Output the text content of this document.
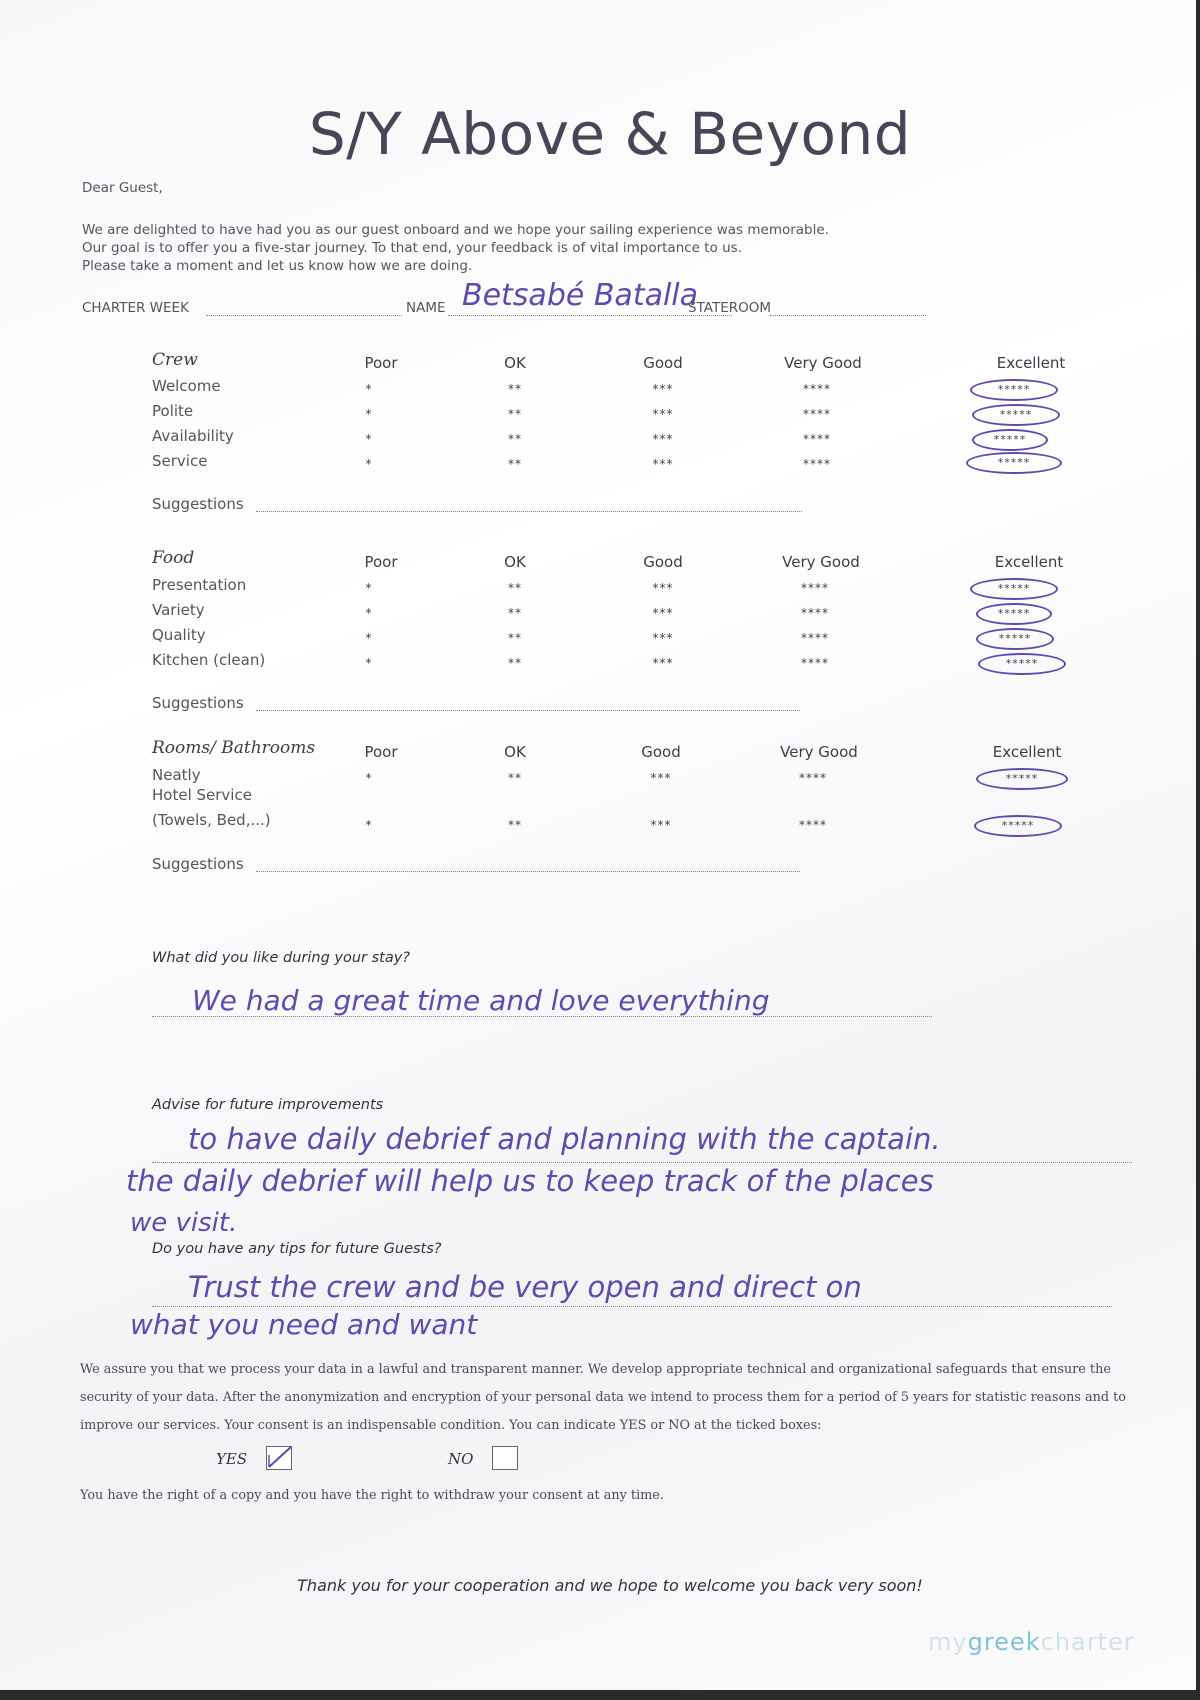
S/Y Above & Beyond
Dear Guest,
We are delighted to have had you as our guest onboard and we hope your sailing experience was memorable.
Our goal is to offer you a five-star journey. To that end, your feedback is of vital importance to us.
Please take a moment and let us know how we are doing.
CHARTER WEEK	NAME Betsabé Batalla
STATEROOM
Crew	Poor	OK	Good	Very Good	Excellent
Welcome	*	**	***	****	*****
Polite	*	**	***	****	*****
Availability	*	**	***	****	*****
Service	*	**	***	****	*****
Suggestions
Food	Poor	OK	Good	Very Good	Excellent
Presentation	*	**	***	****	*****
Variety	*	**	***	****	*****
Quality	*	**	***	****	*****
Kitchen (clean)	*	**	***	****	*****
Suggestions
Rooms/ Bathrooms	Poor	OK	Good	Very Good	Excellent
Neatly	*	**	***	****	*****
Hotel Service
(Towels, Bed,...)	*	**	***	****	*****
Suggestions
What did you like during your stay?
We had a great time and love everything
Advise for future improvements
to have daily debrief and planning with the captain.
the daily debrief will help us to keep track of the places
we visit.
Do you have any tips for future Guests?
Trust the crew and be very open and direct on
what you need and want
We assure you that we process your data in a lawful and transparent manner. We develop appropriate technical and organizational safeguards that ensure the security of your data. After the anonymization and encryption of your personal data we intend to process them for a period of 5 years for statistic reasons and to improve our services. Your consent is an indispensable condition. You can indicate YES or NO at the ticked boxes:
YES	NO
You have the right of a copy and you have the right to withdraw your consent at any time.
Thank you for your cooperation and we hope to welcome you back very soon!
mygreekcharter
